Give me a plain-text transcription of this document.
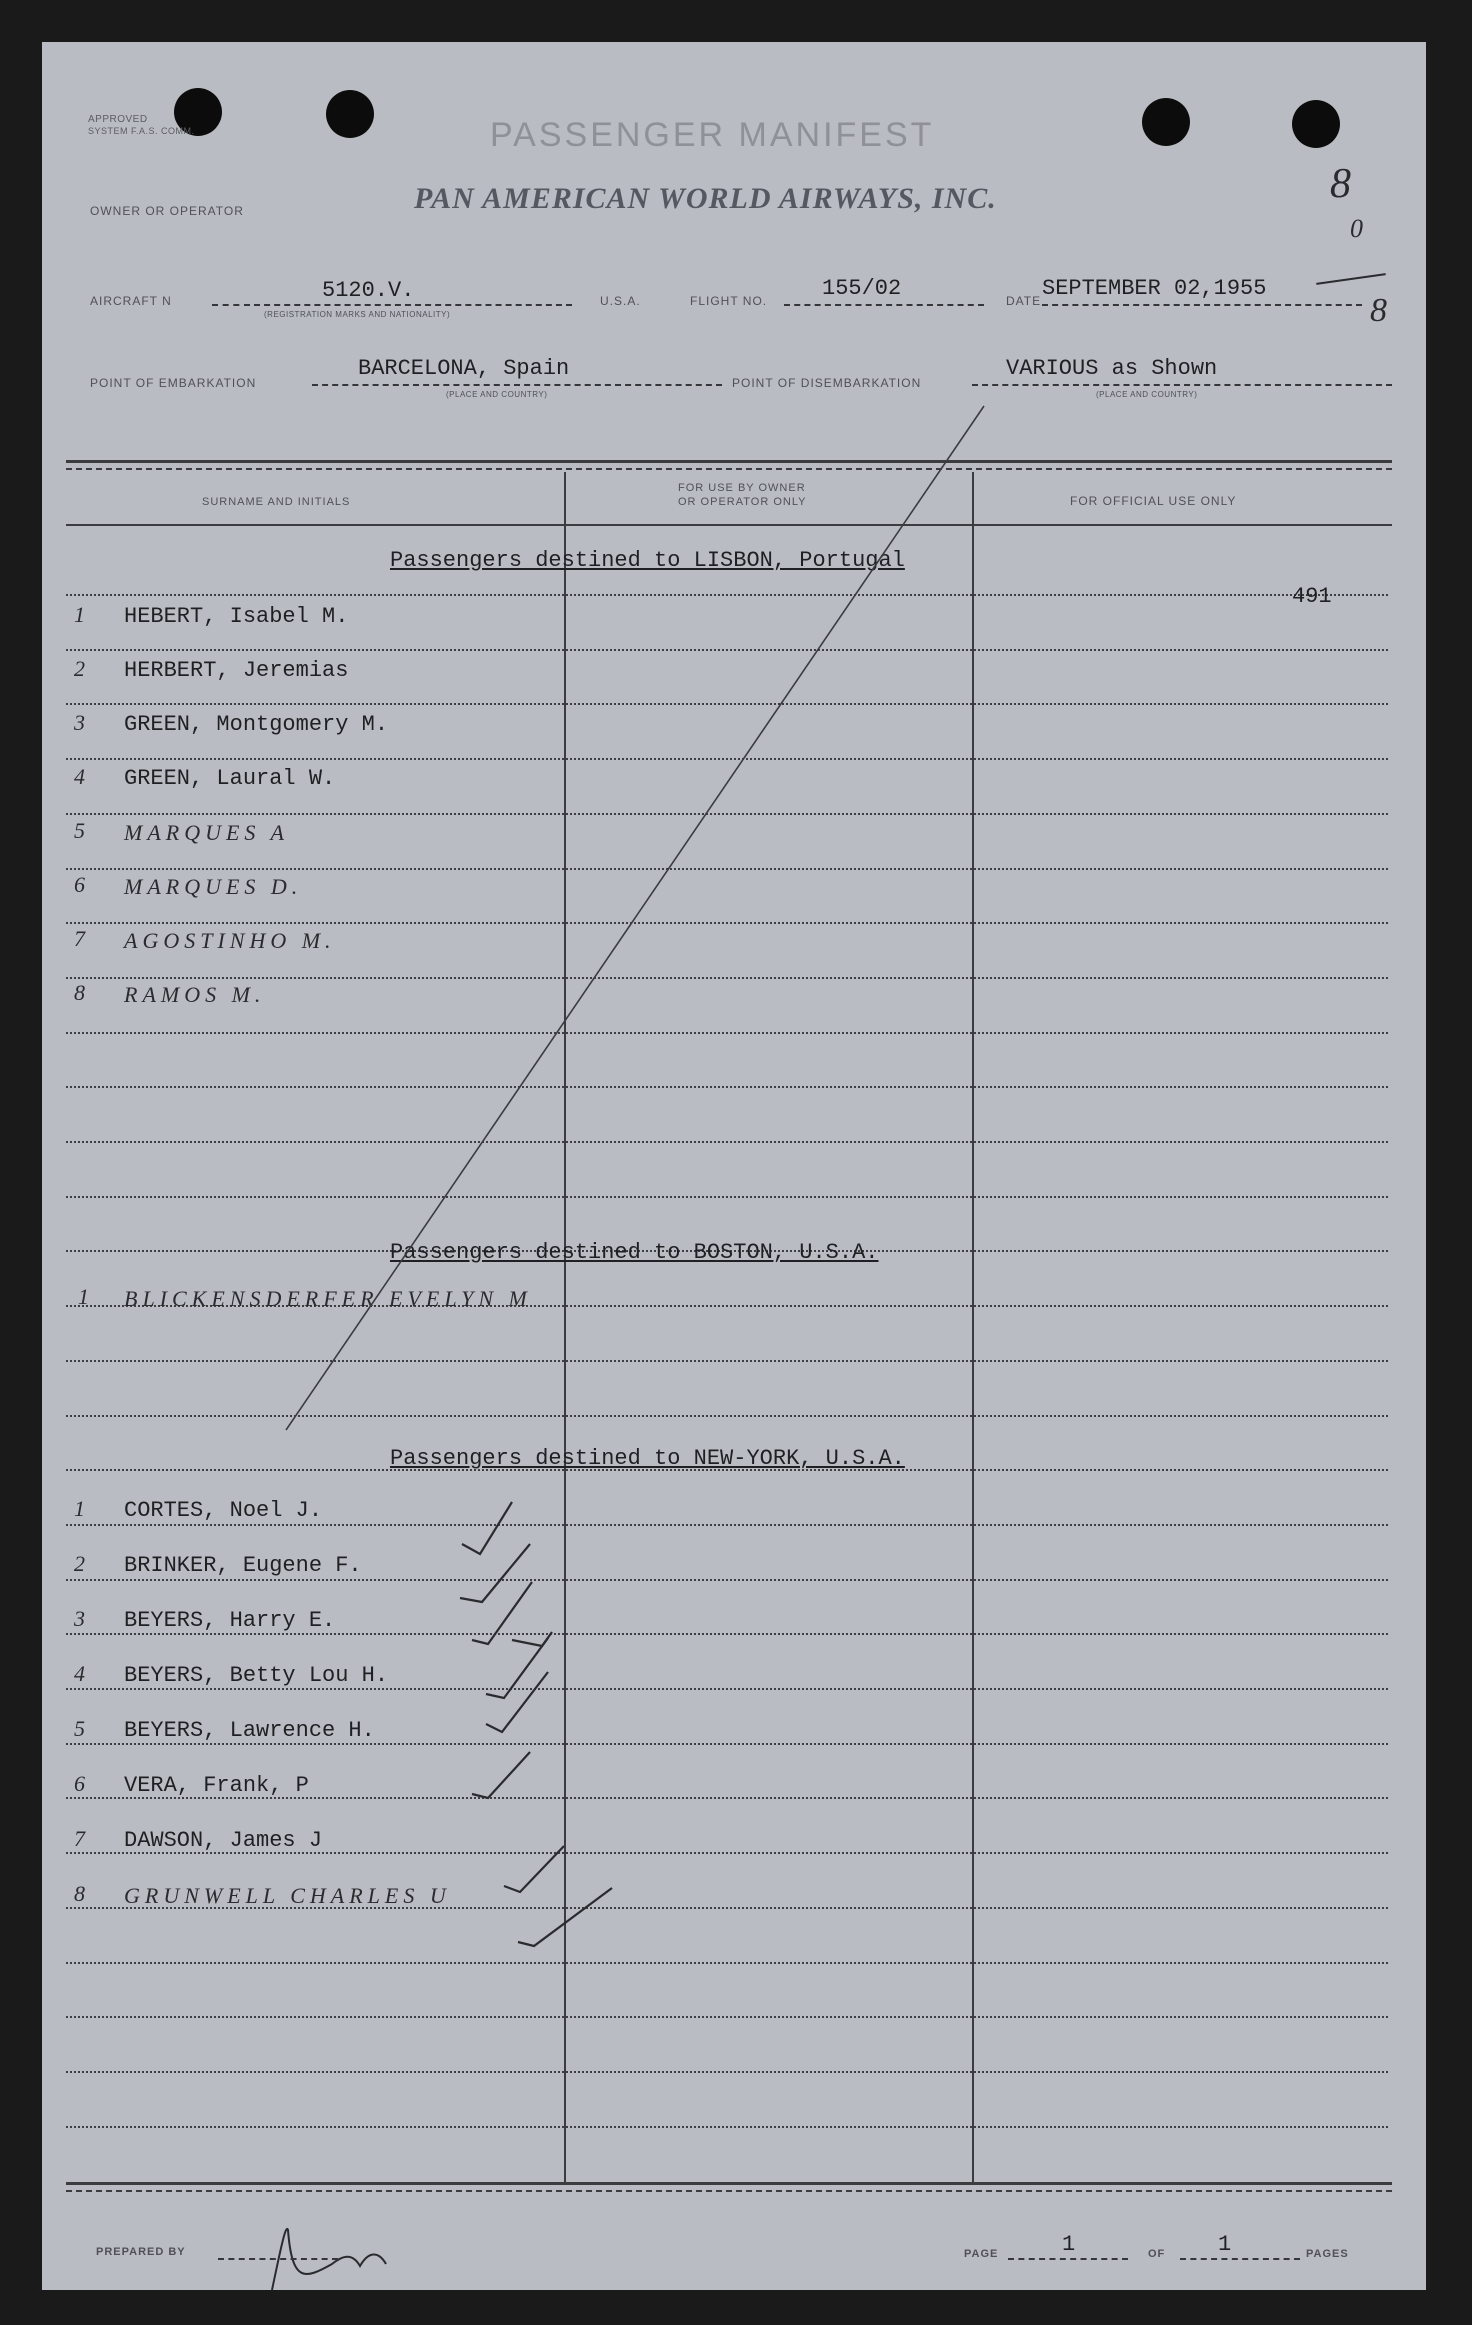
APPROVED
SYSTEM F.A.S. COMM.	PASSENGER MANIFEST
OWNER OR OPERATOR	PAN AMERICAN WORLD AIRWAYS, INC.	8
0
8
AIRCRAFT N	5120.V.
(REGISTRATION MARKS AND NATIONALITY)
U.S.A.	FLIGHT NO. 155/02	DATE SEPTEMBER 02,1955
POINT OF EMBARKATION
BARCELONA, Spain
(PLACE AND COUNTRY)
POINT OF DISEMBARKATION
VARIOUS as Shown
(PLACE AND COUNTRY)
SURNAME AND INITIALS
FOR USE BY OWNER
OR OPERATOR ONLY	FOR OFFICIAL USE ONLY
Passengers destined to LISBON, Portugal
491
1 HEBERT, Isabel M.
2 HERBERT, Jeremias
3 GREEN, Montgomery M.
4 GREEN, Laural W.
5 MARQUES A
6 MARQUES D.
7 AGOSTINHO M.
8 RAMOS M.
Passengers destined to BOSTON, U.S.A.
1 BLICKENSDERFER EVELYN M
Passengers destined to NEW-YORK, U.S.A.
1 CORTES, Noel J.
2 BRINKER, Eugene F.
3 BEYERS, Harry E.
4 BEYERS, Betty Lou H.
5 BEYERS, Lawrence H.
6 VERA, Frank, P
7 DAWSON, James J
8 GRUNWELL CHARLES U
PREPARED BY	PAGE	1	OF 1	PAGES
